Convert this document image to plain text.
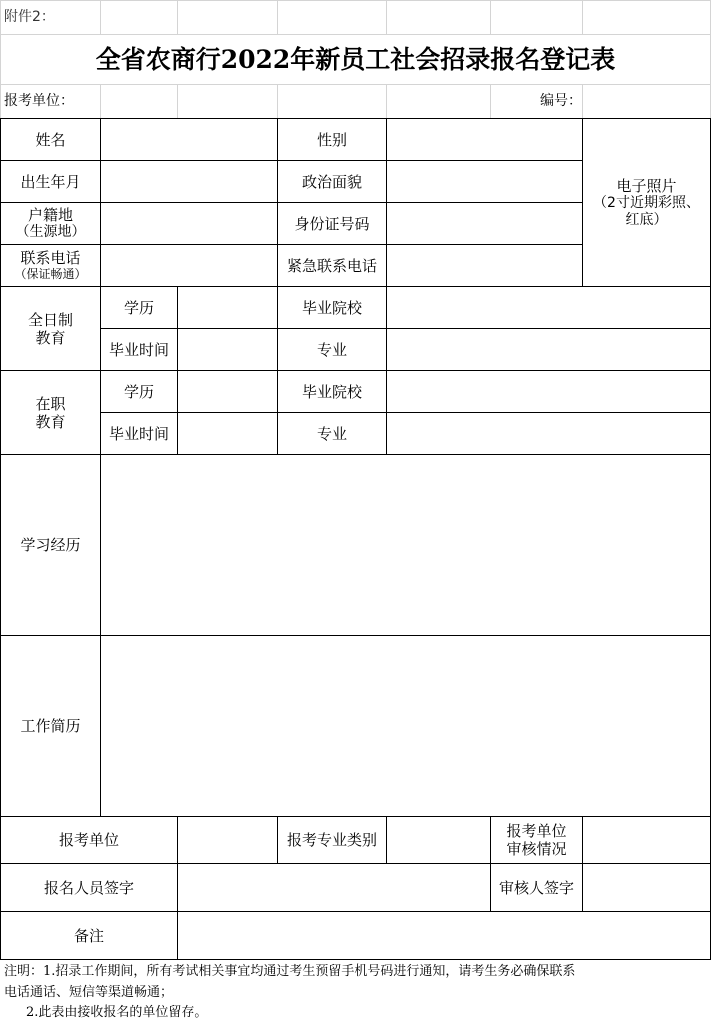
附件2：
全省农商行2022年新员工社会招录报名登记表
报考单位：	编号：
姓名	性别
出生年月	政治面貌
户籍地
（生源地）	身份证号码
联系电话
（保证畅通）	紧急联系电话
电子照片
（2寸近期彩照、
红底）
全日制
教育
学历	毕业院校
毕业时间	专业
在职
教育
学历	毕业院校
毕业时间	专业
学习经历
工作简历
报考单位	报考专业类别	报考单位
审核情况
报名人员签字	审核人签字
备注
注明：1.招录工作期间，所有考试相关事宜均通过考生预留手机号码进行通知，请考生务必确保联系
电话通话、短信等渠道畅通；
2.此表由接收报名的单位留存。
